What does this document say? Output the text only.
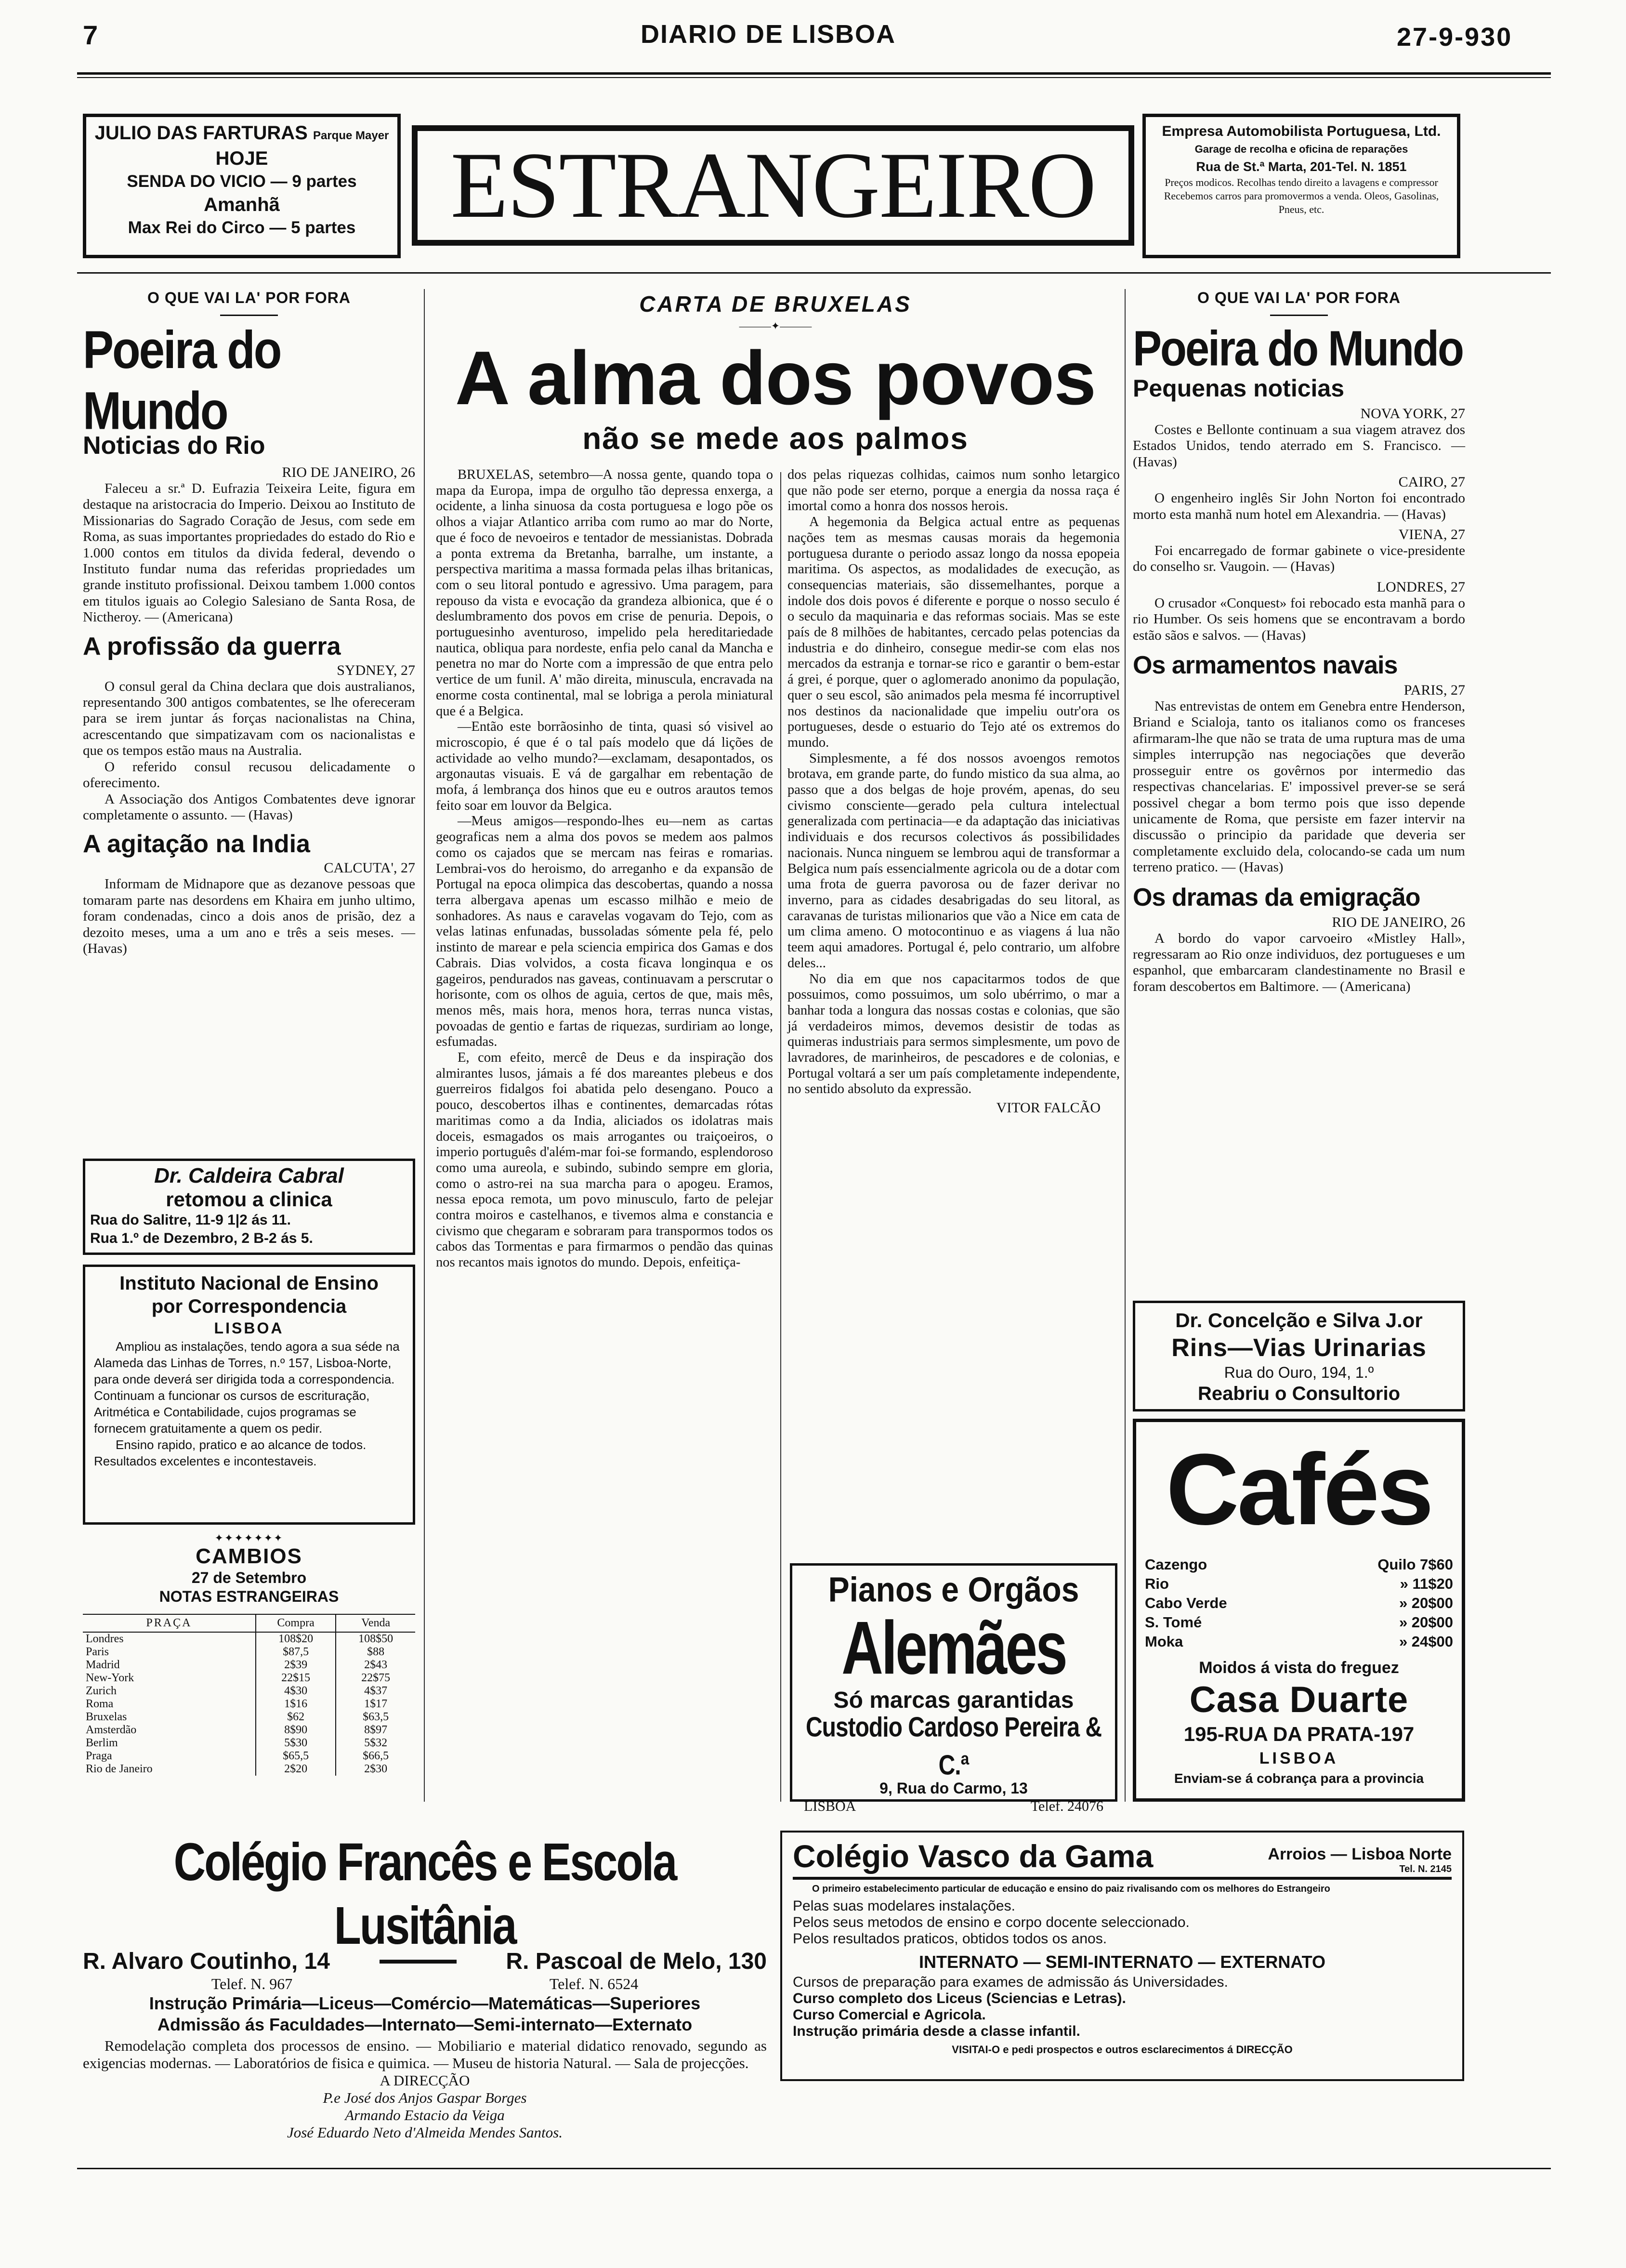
7	DIARIO DE LISBOA	27-9-930
JULIO DAS FARTURAS Parque Mayer
HOJE
SENDA DO VICIO — 9 partes
Amanhã
Max Rei do Circo — 5 partes	ESTRANGEIRO
Empresa Automobilista Portuguesa, Ltd.
Garage de recolha e oficina de reparações
Rua de St.ª Marta, 201-Tel. N. 1851
Preços modicos. Recolhas tendo direito a lavagens e compressor
Recebemos carros para promovermos a venda. Oleos, Gasolinas, Pneus, etc.
O QUE VAI LA' POR FORA
Poeira do Mundo
Noticias do Rio
RIO DE JANEIRO, 26

Faleceu a sr.ª D. Eufrazia Teixeira Leite, figura em destaque na aristocracia do Imperio. Deixou ao Instituto de Missionarias do Sagrado Coração de Jesus, com sede em Roma, as suas importantes propriedades do estado do Rio e 1.000 contos em titulos da divida federal, devendo o Instituto fundar numa das referidas propriedades um grande instituto profissional. Deixou tambem 1.000 contos em titulos iguais ao Colegio Salesiano de Santa Rosa, de Nictheroy. — (Americana)

A profissão da guerra
SYDNEY, 27

O consul geral da China declara que dois australianos, representando 300 antigos combatentes, se lhe ofereceram para se irem juntar ás forças nacionalistas na China, acrescentando que simpatizavam com os nacionalistas e que os tempos estão maus na Australia.

O referido consul recusou delicadamente o oferecimento.

A Associação dos Antigos Combatentes deve ignorar completamente o assunto. — (Havas)

A agitação na India
CALCUTA', 27

Informam de Midnapore que as dezanove pessoas que tomaram parte nas desordens em Khaira em junho ultimo, foram condenadas, cinco a dois anos de prisão, dez a dezoito meses, uma a um ano e três a seis meses. — (Havas)

Dr. Caldeira Cabral
retomou a clinica
Rua do Salitre, 11-9 1|2 ás 11.
Rua 1.º de Dezembro, 2 B-2 ás 5.
Instituto Nacional de Ensino
por Correspondencia
LISBOA

Ampliou as instalações, tendo agora a sua séde na Alameda das Linhas de Torres, n.º 157, Lisboa-Norte, para onde deverá ser dirigida toda a correspondencia. Continuam a funcionar os cursos de escrituração, Aritmética e Contabilidade, cujos programas se fornecem gratuitamente a quem os pedir.

Ensino rapido, pratico e ao alcance de todos. Resultados excelentes e incontestaveis.

✦✦✦✦✦✦✦
CAMBIOS
27 de Setembro
NOTAS ESTRANGEIRAS
PRAÇA	Compra	Venda
Londres	108$20	108$50
Paris	$87,5	$88
Madrid	2$39	2$43
New-York	22$15	22$75
Zurich	4$30	4$37
Roma	1$16	1$17
Bruxelas	$62	$63,5
Amsterdão	8$90	8$97
Berlim	5$30	5$32
Praga	$65,5	$66,5
Rio de Janeiro	2$20	2$30
CARTA DE BRUXELAS
———✦———
A alma dos povos
não se mede aos palmos

BRUXELAS, setembro—A nossa gente, quando topa o mapa da Europa, impa de orgulho tão depressa enxerga, a ocidente, a linha sinuosa da costa portuguesa e logo põe os olhos a viajar Atlantico arriba com rumo ao mar do Norte, que é foco de nevoeiros e tentador de messianistas. Dobrada a ponta extrema da Bretanha, barralhe, um instante, a perspectiva maritima a massa formada pelas ilhas britanicas, com o seu litoral pontudo e agressivo. Uma paragem, para repouso da vista e evocação da grandeza albionica, que é o deslumbramento dos povos em crise de penuria. Depois, o portuguesinho aventuroso, impelido pela hereditariedade nautica, obliqua para nordeste, enfia pelo canal da Mancha e penetra no mar do Norte com a impressão de que entra pelo vertice de um funil. A' mão direita, minuscula, encravada na enorme costa continental, mal se lobriga a perola miniatural que é a Belgica.

—Então este borrãosinho de tinta, quasi só visivel ao microscopio, é que é o tal país modelo que dá lições de actividade ao velho mundo?—exclamam, desapontados, os argonautas visuais. E vá de gargalhar em rebentação de mofa, á lembrança dos hinos que eu e outros arautos temos feito soar em louvor da Belgica.

—Meus amigos—respondo-lhes eu—nem as cartas geograficas nem a alma dos povos se medem aos palmos como os cajados que se mercam nas feiras e romarias. Lembrai-vos do heroismo, do arreganho e da expansão de Portugal na epoca olimpica das descobertas, quando a nossa terra albergava apenas um escasso milhão e meio de sonhadores. As naus e caravelas vogavam do Tejo, com as velas latinas enfunadas, bussoladas sómente pela fé, pelo instinto de marear e pela sciencia empirica dos Gamas e dos Cabrais. Dias volvidos, a costa ficava longinqua e os gageiros, pendurados nas gaveas, continuavam a perscrutar o horisonte, com os olhos de aguia, certos de que, mais mês, menos mês, mais hora, menos hora, terras nunca vistas, povoadas de gentio e fartas de riquezas, surdiriam ao longe, esfumadas.

E, com efeito, mercê de Deus e da inspiração dos almirantes lusos, jámais a fé dos mareantes plebeus e dos guerreiros fidalgos foi abatida pelo desengano. Pouco a pouco, descobertos ilhas e continentes, demarcadas rótas maritimas como a da India, aliciados os idolatras mais doceis, esmagados os mais arrogantes ou traiçoeiros, o imperio português d'além-mar foi-se formando, esplendoroso como uma aureola, e subindo, subindo sempre em gloria, como o astro-rei na sua marcha para o apogeu. Eramos, nessa epoca remota, um povo minusculo, farto de pelejar contra moiros e castelhanos, e tivemos alma e constancia e civismo que chegaram e sobraram para transpormos todos os cabos das Tormentas e para firmarmos o pendão das quinas nos recantos mais ignotos do mundo. Depois, enfeitiça-

dos pelas riquezas colhidas, caimos num sonho letargico que não pode ser eterno, porque a energia da nossa raça é imortal como a honra dos nossos herois.

A hegemonia da Belgica actual entre as pequenas nações tem as mesmas causas morais da hegemonia portuguesa durante o periodo assaz longo da nossa epopeia maritima. Os aspectos, as modalidades de execução, as consequencias materiais, são dissemelhantes, porque a indole dos dois povos é diferente e porque o nosso seculo é o seculo da maquinaria e das reformas sociais. Mas se este país de 8 milhões de habitantes, cercado pelas potencias da industria e do dinheiro, consegue medir-se com elas nos mercados da estranja e tornar-se rico e garantir o bem-estar á grei, é porque, quer o aglomerado anonimo da população, quer o seu escol, são animados pela mesma fé incorruptivel nos destinos da nacionalidade que impeliu outr'ora os portugueses, desde o estuario do Tejo até os extremos do mundo.

Simplesmente, a fé dos nossos avoengos remotos brotava, em grande parte, do fundo mistico da sua alma, ao passo que a dos belgas de hoje provém, apenas, do seu civismo consciente—gerado pela cultura intelectual generalizada com pertinacia—e da adaptação das iniciativas individuais e dos recursos colectivos ás possibilidades nacionais. Nunca ninguem se lembrou aqui de transformar a Belgica num país essencialmente agricola ou de a dotar com uma frota de guerra pavorosa ou de fazer derivar no inverno, para as cidades desabrigadas do seu litoral, as caravanas de turistas milionarios que vão a Nice em cata de um clima ameno. O motocontinuo e as viagens á lua não teem aqui amadores. Portugal é, pelo contrario, um alfobre deles...

No dia em que nos capacitarmos todos de que possuimos, como possuimos, um solo ubérrimo, o mar a banhar toda a longura das nossas costas e colonias, que são já verdadeiros mimos, devemos desistir de todas as quimeras industriais para sermos simplesmente, um povo de lavradores, de marinheiros, de pescadores e de colonias, e Portugal voltará a ser um país completamente independente, no sentido absoluto da expressão.

VITOR FALCÃO
Pianos e Orgãos
Alemães
Só marcas garantidas
Custodio Cardoso Pereira & C.ª
9, Rua do Carmo, 13
LISBOA	Telef. 24076
O QUE VAI LA' POR FORA
Poeira do Mundo
Pequenas noticias
NOVA YORK, 27

Costes e Bellonte continuam a sua viagem atravez dos Estados Unidos, tendo aterrado em S. Francisco. — (Havas)

CAIRO, 27

O engenheiro inglês Sir John Norton foi encontrado morto esta manhã num hotel em Alexandria. — (Havas)

VIENA, 27

Foi encarregado de formar gabinete o vice-presidente do conselho sr. Vaugoin. — (Havas)

LONDRES, 27

O crusador «Conquest» foi rebocado esta manhã para o rio Humber. Os seis homens que se encontravam a bordo estão sãos e salvos. — (Havas)

Os armamentos navais
PARIS, 27

Nas entrevistas de ontem em Genebra entre Henderson, Briand e Scialoja, tanto os italianos como os franceses afirmaram-lhe que não se trata de uma ruptura mas de uma simples interrupção nas negociações que deverão prosseguir entre os govêrnos por intermedio das respectivas chancelarias. E' impossivel prever-se se será possivel chegar a bom termo pois que isso depende unicamente de Roma, que persiste em fazer intervir na discussão o principio da paridade que deveria ser completamente excluido dela, colocando-se cada um num terreno pratico. — (Havas)

Os dramas da emigração
RIO DE JANEIRO, 26

A bordo do vapor carvoeiro «Mistley Hall», regressaram ao Rio onze individuos, dez portugueses e um espanhol, que embarcaram clandestinamente no Brasil e foram descobertos em Baltimore. — (Americana)

Dr. Concelção e Silva J.or
Rins—Vias Urinarias
Rua do Ouro, 194, 1.º
Reabriu o Consultorio
Cafés
Cazengo	Quilo 7$60
Rio	» 11$20
Cabo Verde	» 20$00
S. Tomé	» 20$00
Moka	» 24$00
Moidos á vista do freguez
Casa Duarte
195-RUA DA PRATA-197
LISBOA
Enviam-se á cobrança para a provincia
Colégio Francês e Escola Lusitânia
R. Alvaro Coutinho, 14	R. Pascoal de Melo, 130
Telef. N. 967	Telef. N. 6524
Instrução Primária—Liceus—Comércio—Matemáticas—Superiores
Admissão ás Faculdades—Internato—Semi-internato—Externato
Remodelação completa dos processos de ensino. — Mobiliario e material didatico renovado, segundo as exigencias modernas. — Laboratórios de fisica e quimica. — Museu de historia Natural. — Sala de projecções.
A DIRECÇÃO
P.e José dos Anjos Gaspar Borges
Armando Estacio da Veiga
José Eduardo Neto d'Almeida Mendes Santos.
Colégio Vasco da Gama	Arroios — Lisboa Norte
Tel. N. 2145
O primeiro estabelecimento particular de educação e ensino do paiz rivalisando com os melhores do Estrangeiro
Pelas suas modelares instalações.
Pelos seus metodos de ensino e corpo docente seleccionado.
Pelos resultados praticos, obtidos todos os anos.
INTERNATO — SEMI-INTERNATO — EXTERNATO
Cursos de preparação para exames de admissão ás Universidades.
Curso completo dos Liceus (Sciencias e Letras).
Curso Comercial e Agricola.
Instrução primária desde a classe infantil.
VISITAI-O e pedi prospectos e outros esclarecimentos á DIRECÇÃO
